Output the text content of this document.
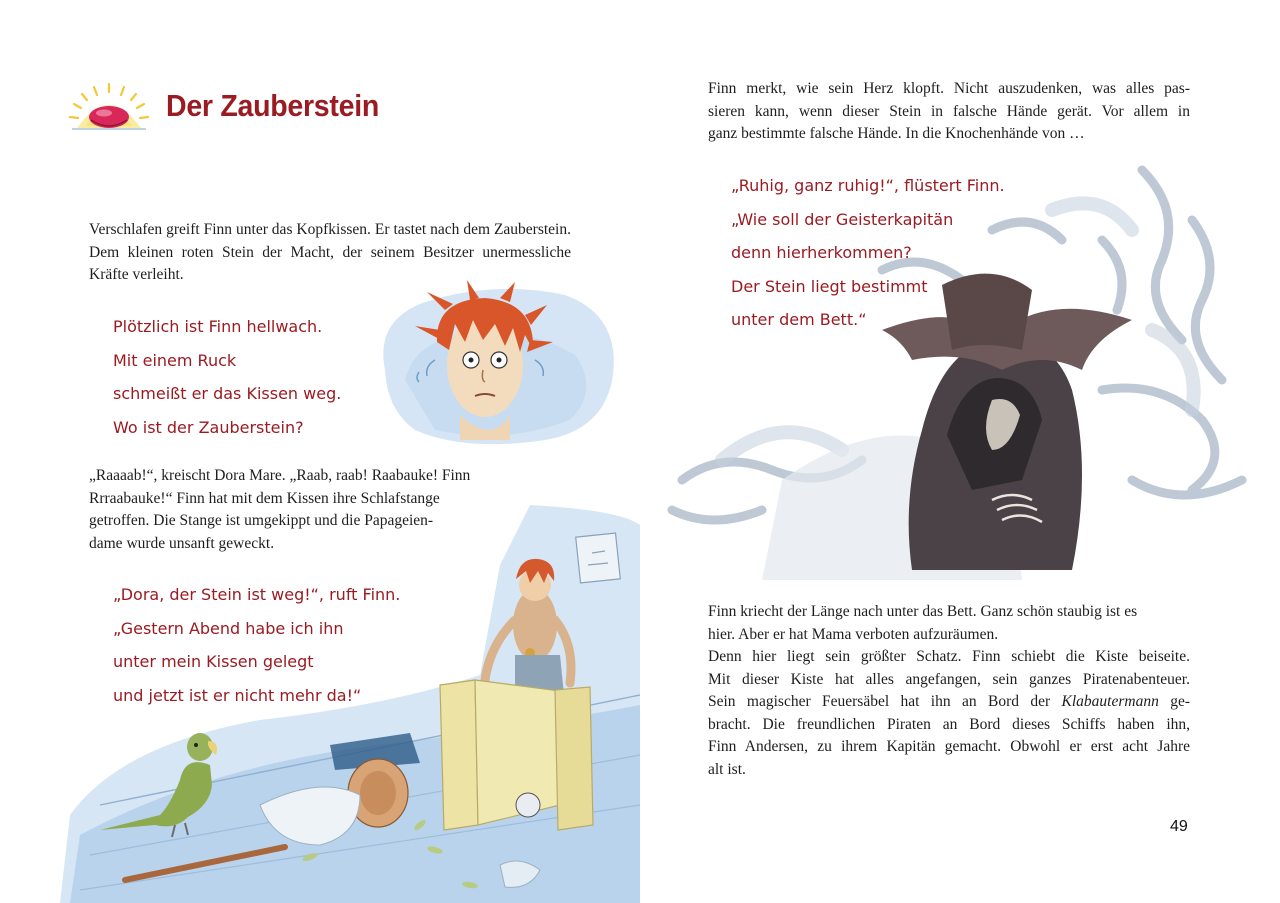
Der Zauberstein

Verschlafen greift Finn unter das Kopfkissen. Er tastet nach dem Zauberstein. Dem kleinen roten Stein der Macht, der seinem Besitzer unermessliche Kräfte verleiht.

Plötzlich ist Finn hellwach.
Mit einem Ruck
schmeißt er das Kissen weg.
Wo ist der Zauberstein?

„Raaaab!“, kreischt Dora Mare. „Raab, raab! Raabauke! Finn

Rrraabauke!“ Finn hat mit dem Kissen ihre Schlafstange

getroffen. Die Stange ist umgekippt und die Papageien-

dame wurde unsanft geweckt.

„Dora, der Stein ist weg!“, ruft Finn.
„Gestern Abend habe ich ihn
unter mein Kissen gelegt
und jetzt ist er nicht mehr da!“

Finn merkt, wie sein Herz klopft. Nicht auszudenken, was alles pas-

sieren kann, wenn dieser Stein in falsche Hände gerät. Vor allem in

ganz bestimmte falsche Hände. In die Knochenhände von …

„Ruhig, ganz ruhig!“, flüstert Finn.
„Wie soll der Geisterkapitän
denn hierherkommen?
Der Stein liegt bestimmt
unter dem Bett.“

Finn kriecht der Länge nach unter das Bett. Ganz schön staubig ist es

hier. Aber er hat Mama verboten aufzuräumen.

Denn hier liegt sein größter Schatz. Finn schiebt die Kiste beiseite.

Mit dieser Kiste hat alles angefangen, sein ganzes Piratenabenteuer.

Sein magischer Feuersäbel hat ihn an Bord der Klabautermann ge-

bracht. Die freundlichen Piraten an Bord dieses Schiffs haben ihn,

Finn Andersen, zu ihrem Kapitän gemacht. Obwohl er erst acht Jahre

alt ist.

49
